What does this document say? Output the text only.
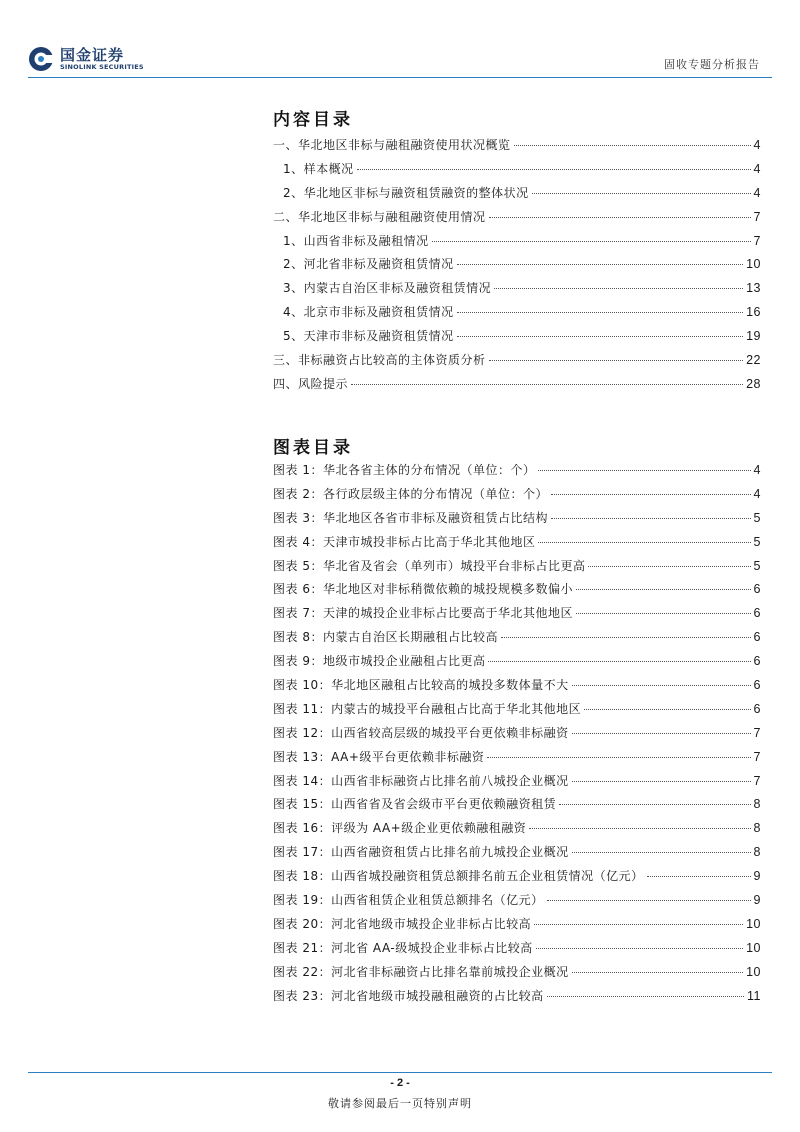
国金证券
SINOLINK SECURITIES	固收专题分析报告
内容目录
一、华北地区非标与融租融资使用状况概览	4
1、样本概况	4
2、华北地区非标与融资租赁融资的整体状况	4
二、华北地区非标与融租融资使用情况	7
1、山西省非标及融租情况	7
2、河北省非标及融资租赁情况	10
3、内蒙古自治区非标及融资租赁情况	13
4、北京市非标及融资租赁情况	16
5、天津市非标及融资租赁情况	19
三、非标融资占比较高的主体资质分析	22
四、风险提示	28
图表目录
图表 1：华北各省主体的分布情况（单位：个）	4
图表 2：各行政层级主体的分布情况（单位：个）	4
图表 3：华北地区各省市非标及融资租赁占比结构	5
图表 4：天津市城投非标占比高于华北其他地区	5
图表 5：华北省及省会（单列市）城投平台非标占比更高	5
图表 6：华北地区对非标稍微依赖的城投规模多数偏小	6
图表 7：天津的城投企业非标占比要高于华北其他地区	6
图表 8：内蒙古自治区长期融租占比较高	6
图表 9：地级市城投企业融租占比更高	6
图表 10：华北地区融租占比较高的城投多数体量不大	6
图表 11：内蒙古的城投平台融租占比高于华北其他地区	6
图表 12：山西省较高层级的城投平台更依赖非标融资	7
图表 13：AA+级平台更依赖非标融资	7
图表 14：山西省非标融资占比排名前八城投企业概况	7
图表 15：山西省省及省会级市平台更依赖融资租赁	8
图表 16：评级为 AA+级企业更依赖融租融资	8
图表 17：山西省融资租赁占比排名前九城投企业概况	8
图表 18：山西省城投融资租赁总额排名前五企业租赁情况（亿元）	9
图表 19：山西省租赁企业租赁总额排名（亿元）	9
图表 20：河北省地级市城投企业非标占比较高	10
图表 21：河北省 AA-级城投企业非标占比较高	10
图表 22：河北省非标融资占比排名靠前城投企业概况	10
图表 23：河北省地级市城投融租融资的占比较高	11
- 2 -
敬请参阅最后一页特别声明
